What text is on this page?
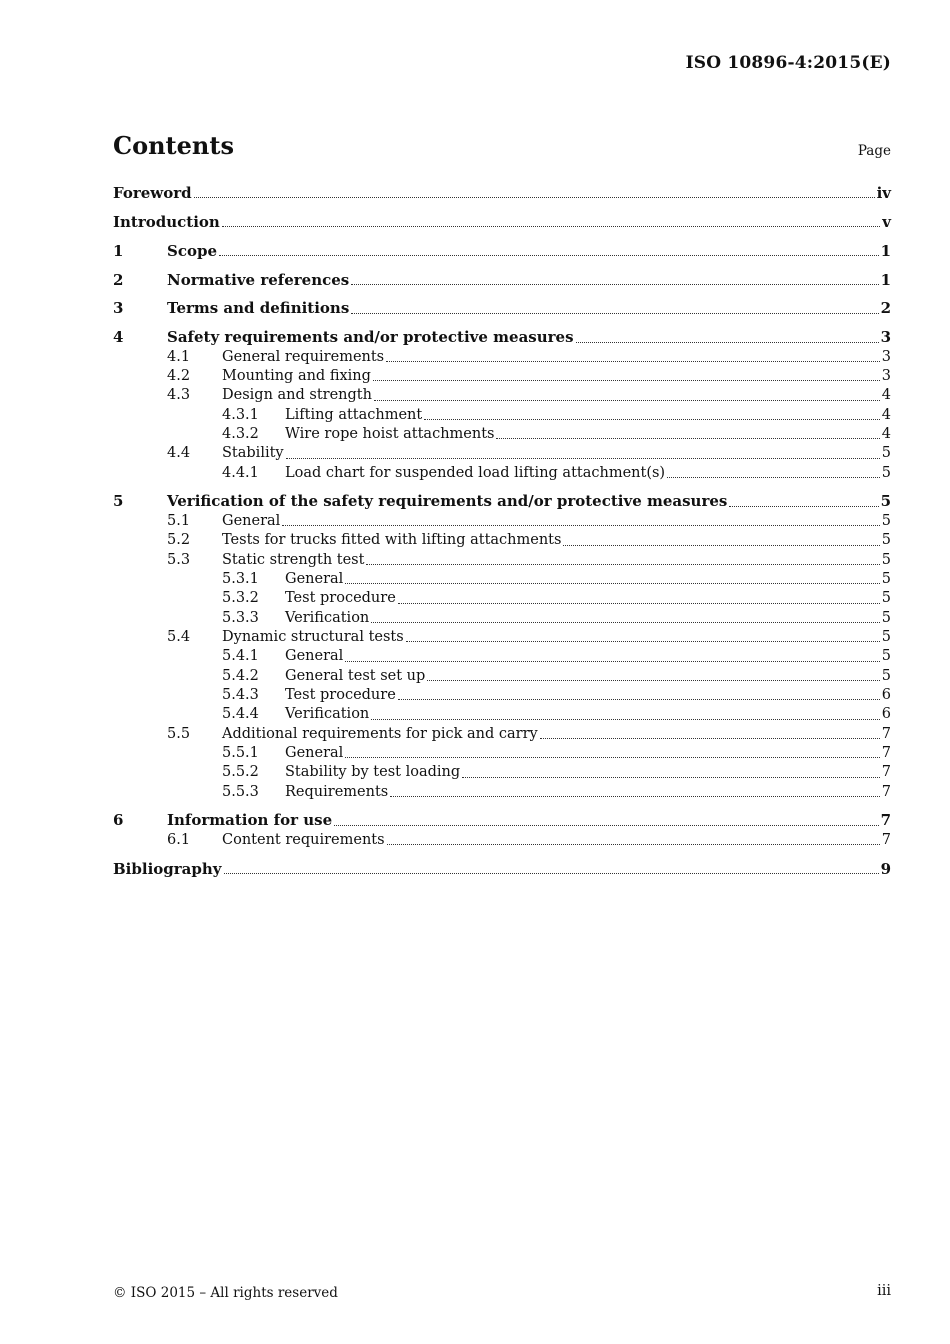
ISO 10896-4:2015(E)
Contents	Page
Foreword	iv
Introduction	v
1	Scope	1
2	Normative references	1
3	Terms and definitions	2
4	Safety requirements and/or protective measures	3
4.1	General requirements	3
4.2	Mounting and fixing	3
4.3	Design and strength	4
4.3.1	Lifting attachment	4
4.3.2	Wire rope hoist attachments	4
4.4	Stability	5
4.4.1	Load chart for suspended load lifting attachment(s)	5
5	Verification of the safety requirements and/or protective measures	5
5.1	General	5
5.2	Tests for trucks fitted with lifting attachments	5
5.3	Static strength test	5
5.3.1	General	5
5.3.2	Test procedure	5
5.3.3	Verification	5
5.4	Dynamic structural tests	5
5.4.1	General	5
5.4.2	General test set up	5
5.4.3	Test procedure	6
5.4.4	Verification	6
5.5	Additional requirements for pick and carry	7
5.5.1	General	7
5.5.2	Stability by test loading	7
5.5.3	Requirements	7
6	Information for use	7
6.1	Content requirements	7
Bibliography	9
© ISO 2015 – All rights reserved	iii
